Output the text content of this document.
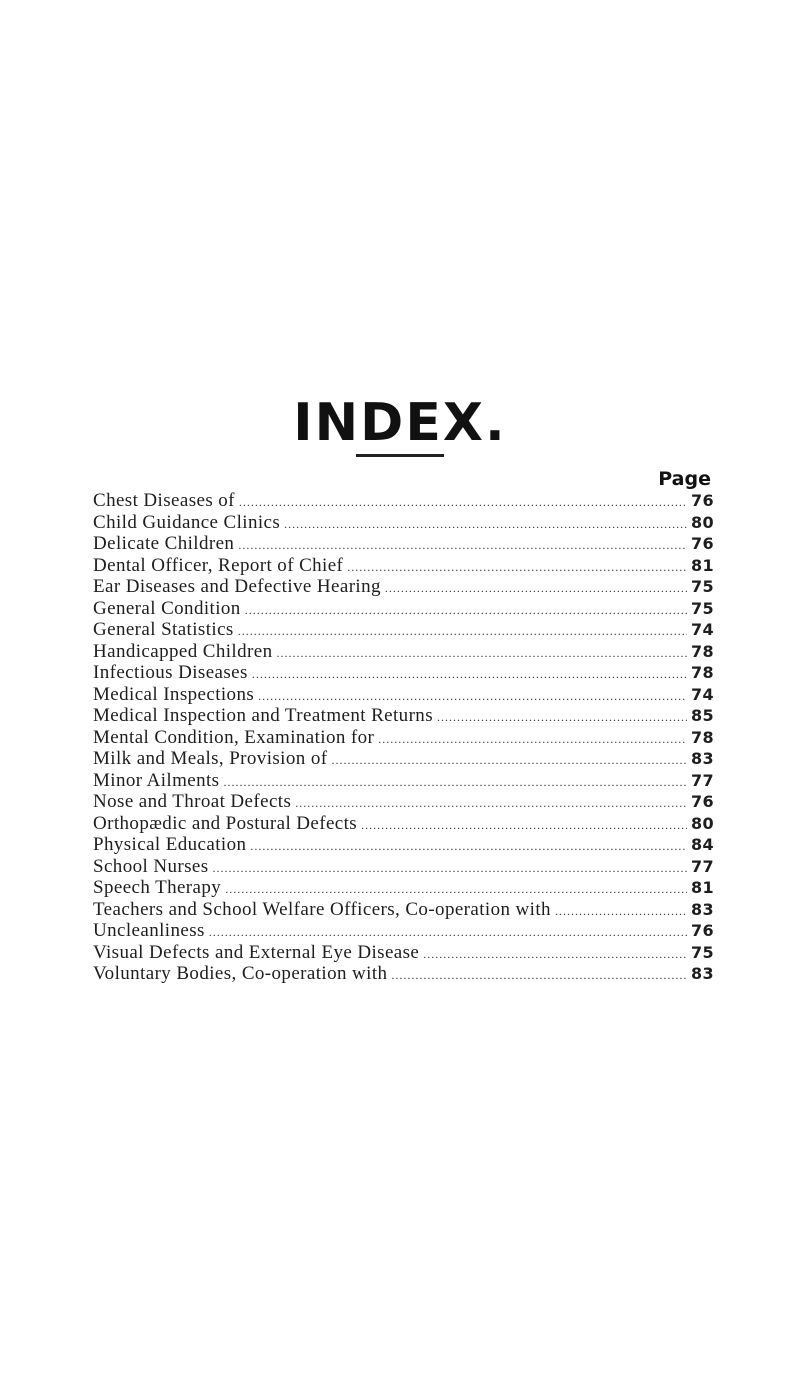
INDEX.
Page
Chest Diseases of .....	76
Child Guidance Clinics .....	80
Delicate Children .....	76
Dental Officer, Report of Chief .....	81
Ear Diseases and Defective Hearing .....	75
General Condition .....	75
General Statistics .....	74
Handicapped Children .....	78
Infectious Diseases .....	78
Medical Inspections .....	74
Medical Inspection and Treatment Returns .....	85
Mental Condition, Examination for .....	78
Milk and Meals, Provision of .....	83
Minor Ailments .....	77
Nose and Throat Defects .....	76
Orthopædic and Postural Defects .....	80
Physical Education .....	84
School Nurses .....	77
Speech Therapy .....	81
Teachers and School Welfare Officers, Co-operation with .....	83
Uncleanliness .....	76
Visual Defects and External Eye Disease .....	75
Voluntary Bodies, Co-operation with .....	83
